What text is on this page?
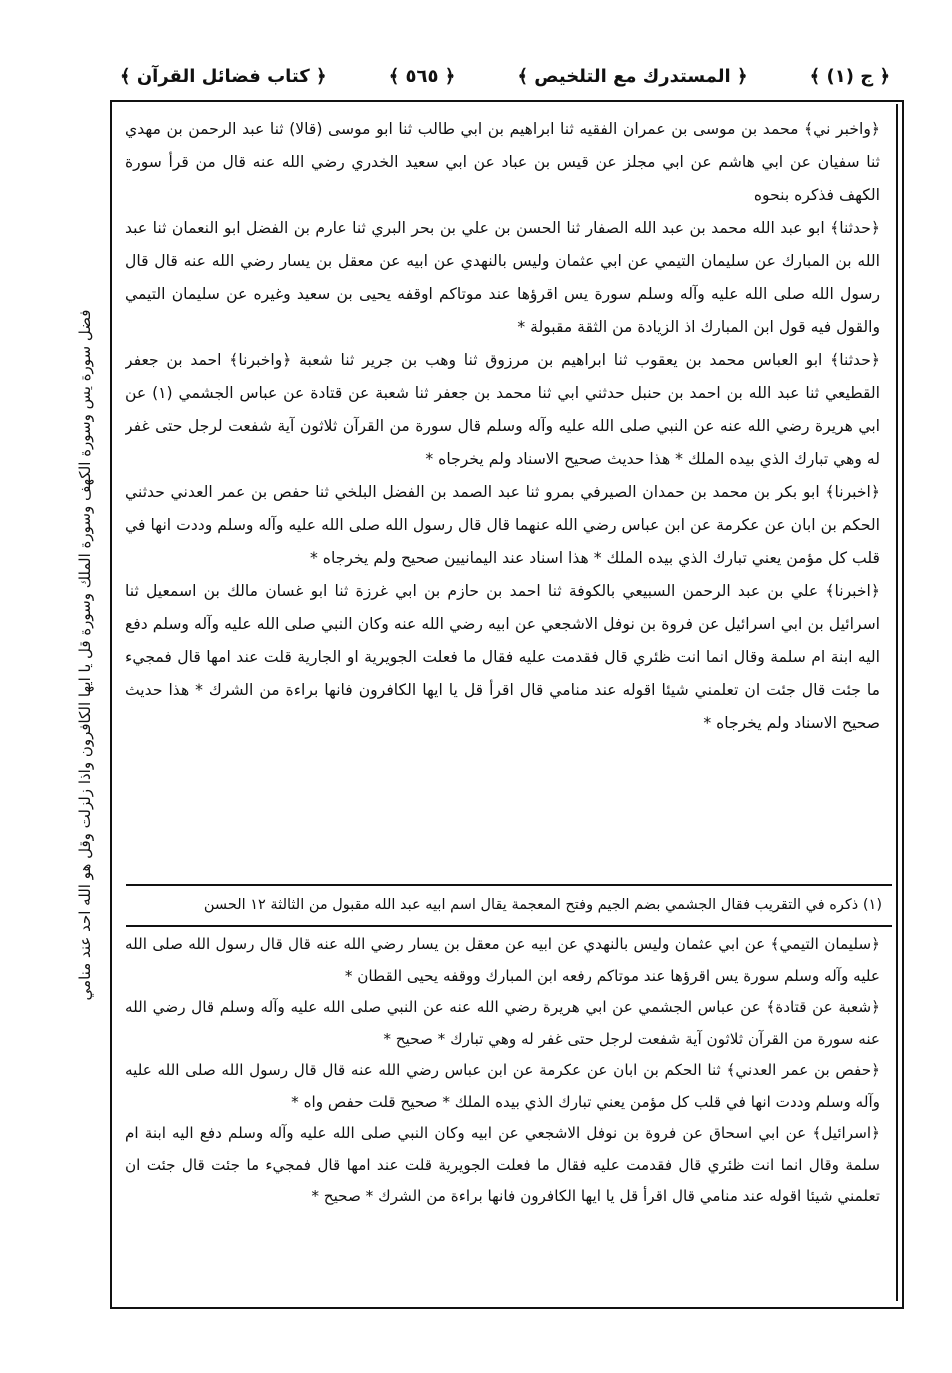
﴿ ج (١) ﴾
﴿ المستدرك مع التلخيص ﴾
﴿ ٥٦٥ ﴾
﴿ كتاب فضائل القرآن ﴾

﴿واخبر ني﴾ محمد بن موسى بن عمران الفقيه ثنا ابراهيم بن ابي طالب ثنا ابو موسى (قالا) ثنا عبد الرحمن بن مهدي ثنا سفيان عن ابي هاشم عن ابي مجلز عن قيس بن عباد عن ابي سعيد الخدري رضي الله عنه قال من قرأ سورة الكهف فذكره بنحوه

﴿حدثنا﴾ ابو عبد الله محمد بن عبد الله الصفار ثنا الحسن بن علي بن بحر البري ثنا عارم بن الفضل ابو النعمان ثنا عبد الله بن المبارك عن سليمان التيمي عن ابي عثمان وليس بالنهدي عن ابيه عن معقل بن يسار رضي الله عنه قال قال رسول الله صلى الله عليه وآله وسلم سورة يس اقرؤها عند موتاكم اوقفه يحيى بن سعيد وغيره عن سليمان التيمي والقول فيه قول ابن المبارك اذ الزيادة من الثقة مقبولة *

﴿حدثنا﴾ ابو العباس محمد بن يعقوب ثنا ابراهيم بن مرزوق ثنا وهب بن جرير ثنا شعبة ﴿واخبرنا﴾ احمد بن جعفر القطيعي ثنا عبد الله بن احمد بن حنبل حدثني ابي ثنا محمد بن جعفر ثنا شعبة عن قتادة عن عباس الجشمي (١) عن ابي هريرة رضي الله عنه عن النبي صلى الله عليه وآله وسلم قال سورة من القرآن ثلاثون آية شفعت لرجل حتى غفر له وهي تبارك الذي بيده الملك * هذا حديث صحيح الاسناد ولم يخرجاه *

﴿اخبرنا﴾ ابو بكر بن محمد بن حمدان الصيرفي بمرو ثنا عبد الصمد بن الفضل البلخي ثنا حفص بن عمر العدني حدثني الحكم بن ابان عن عكرمة عن ابن عباس رضي الله عنهما قال قال رسول الله صلى الله عليه وآله وسلم وددت انها في قلب كل مؤمن يعني تبارك الذي بيده الملك * هذا اسناد عند اليمانيين صحيح ولم يخرجاه *

﴿اخبرنا﴾ علي بن عبد الرحمن السبيعي بالكوفة ثنا احمد بن حازم بن ابي غرزة ثنا ابو غسان مالك بن اسمعيل ثنا اسرائيل بن ابي اسرائيل عن فروة بن نوفل الاشجعي عن ابيه رضي الله عنه وكان النبي صلى الله عليه وآله وسلم دفع اليه ابنة ام سلمة وقال انما انت ظئري قال فقدمت عليه فقال ما فعلت الجويرية او الجارية قلت عند امها قال فمجيء ما جئت قال جئت ان تعلمني شيئا اقوله عند منامي قال اقرأ قل يا ايها الكافرون فانها براءة من الشرك * هذا حديث صحيح الاسناد ولم يخرجاه *

(١) ذكره في التقريب فقال الجشمي بضم الجيم وفتح المعجمة يقال اسم ابيه عبد الله مقبول من الثالثة ١٢ الحسن

﴿سليمان التيمي﴾ عن ابي عثمان وليس بالنهدي عن ابيه عن معقل بن يسار رضي الله عنه قال قال رسول الله صلى الله عليه وآله وسلم سورة يس اقرؤها عند موتاكم رفعه ابن المبارك ووقفه يحيى القطان *

﴿شعبة عن قتادة﴾ عن عباس الجشمي عن ابي هريرة رضي الله عنه عن النبي صلى الله عليه وآله وسلم قال رضي الله عنه سورة من القرآن ثلاثون آية شفعت لرجل حتى غفر له وهي تبارك * صحيح *

﴿حفص بن عمر العدني﴾ ثنا الحكم بن ابان عن عكرمة عن ابن عباس رضي الله عنه قال قال رسول الله صلى الله عليه وآله وسلم وددت انها في قلب كل مؤمن يعني تبارك الذي بيده الملك * صحيح قلت حفص واه *

﴿اسرائيل﴾ عن ابي اسحاق عن فروة بن نوفل الاشجعي عن ابيه وكان النبي صلى الله عليه وآله وسلم دفع اليه ابنة ام سلمة وقال انما انت ظئري قال فقدمت عليه فقال ما فعلت الجويرية قلت عند امها قال فمجيء ما جئت قال جئت ان تعلمني شيئا اقوله عند منامي قال اقرأ قل يا ايها الكافرون فانها براءة من الشرك * صحيح *

فضل سورة يس وسورة الكهف وسورة الملك وسورة قل يا ايها الكافرون واذا زلزلت وقل هو الله احد عند منامي
